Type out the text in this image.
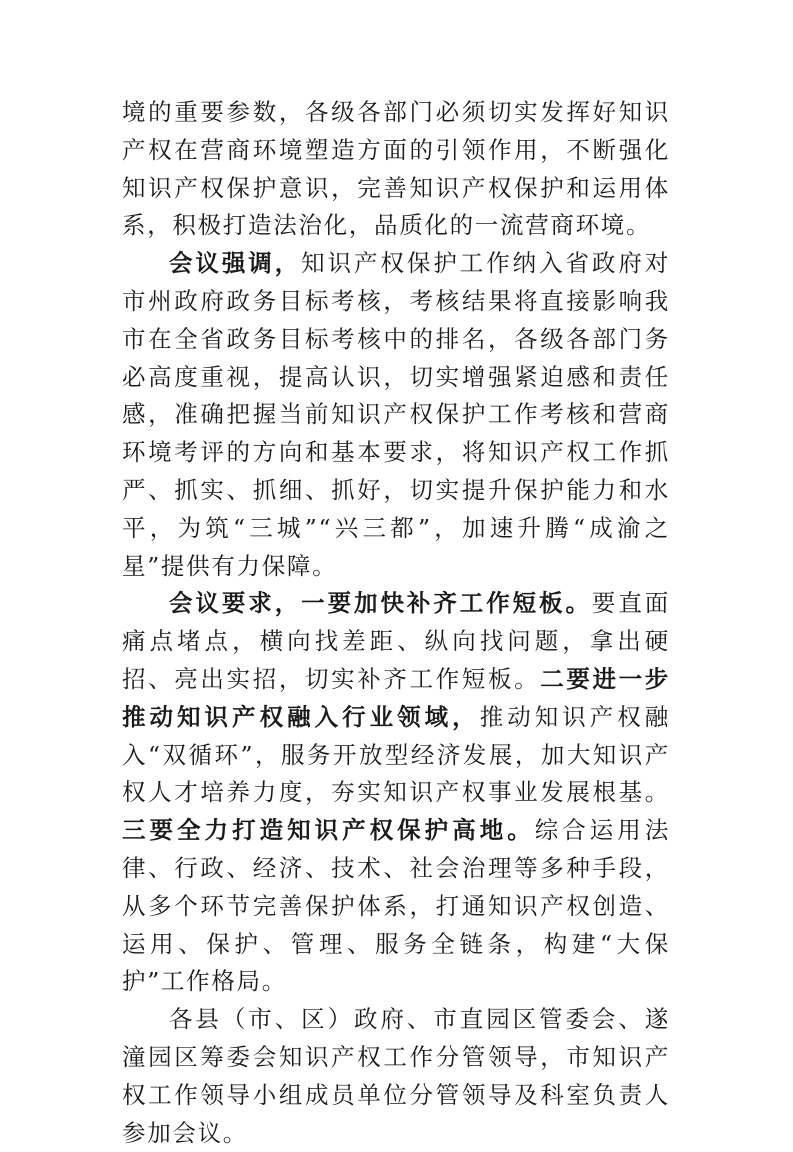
境的重要参数，各级各部门必须切实发挥好知识产权在营商环境塑造方面的引领作用，不断强化知识产权保护意识，完善知识产权保护和运用体系，积极打造法治化，品质化的一流营商环境。

会议强调，知识产权保护工作纳入省政府对市州政府政务目标考核，考核结果将直接影响我市在全省政务目标考核中的排名，各级各部门务必高度重视，提高认识，切实增强紧迫感和责任感，准确把握当前知识产权保护工作考核和营商环境考评的方向和基本要求，将知识产权工作抓严、抓实、抓细、抓好，切实提升保护能力和水平，为筑“三城”“兴三都”，加速升腾“成渝之星”提供有力保障。

会议要求，一要加快补齐工作短板。要直面痛点堵点，横向找差距、纵向找问题，拿出硬招、亮出实招，切实补齐工作短板。二要进一步推动知识产权融入行业领域，推动知识产权融入“双循环”，服务开放型经济发展，加大知识产权人才培养力度，夯实知识产权事业发展根基。三要全力打造知识产权保护高地。综合运用法律、行政、经济、技术、社会治理等多种手段，从多个环节完善保护体系，打通知识产权创造、运用、保护、管理、服务全链条，构建“大保护”工作格局。

各县（市、区）政府、市直园区管委会、遂潼园区筹委会知识产权工作分管领导，市知识产权工作领导小组成员单位分管领导及科室负责人参加会议。
